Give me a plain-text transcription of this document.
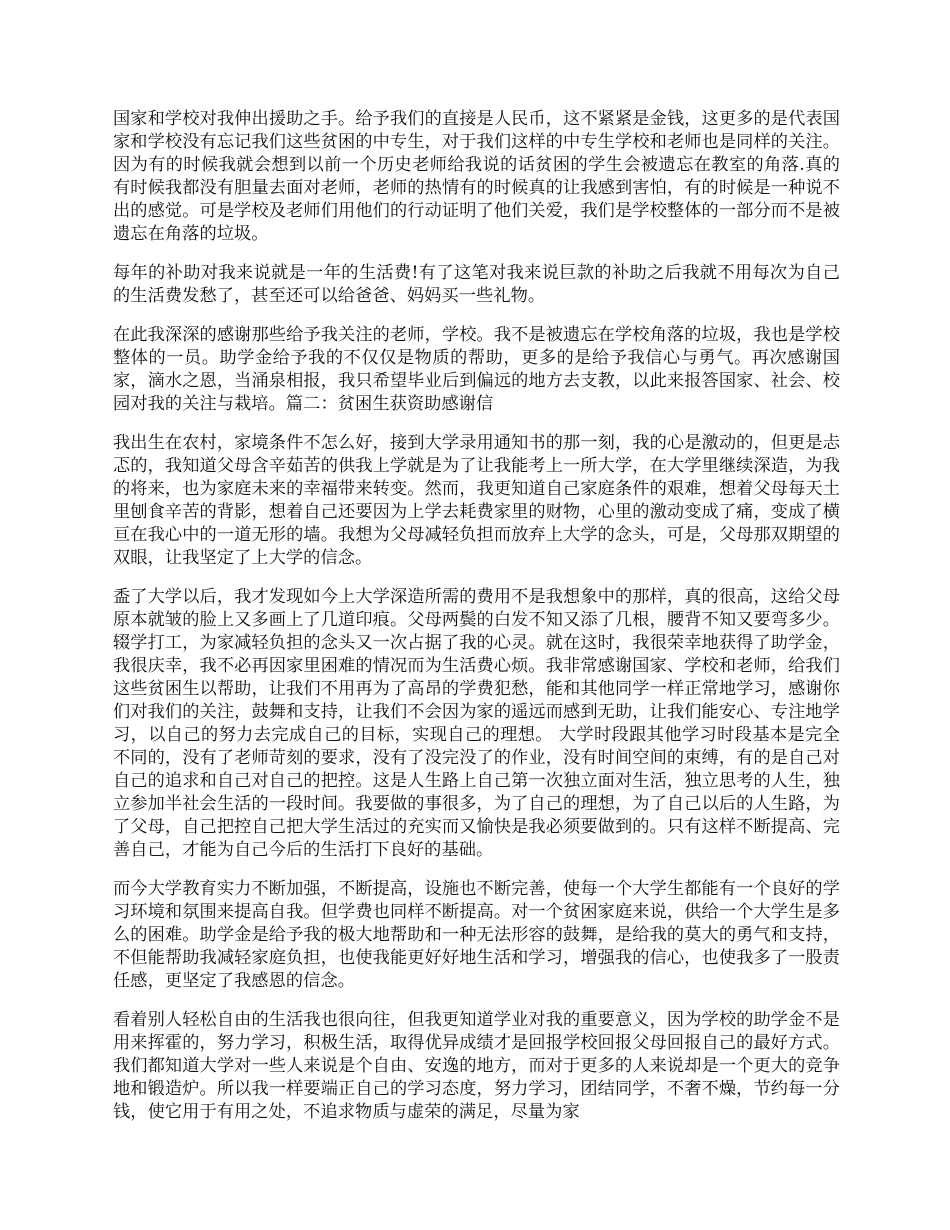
国家和学校对我伸出援助之手。给予我们的直接是人民币，这不紧紧是金钱，这更多的是代表国家和学校没有忘记我们这些贫困的中专生，对于我们这样的中专生学校和老师也是同样的关注。因为有的时候我就会想到以前一个历史老师给我说的话贫困的学生会被遗忘在教室的角落.真的有时候我都没有胆量去面对老师，老师的热情有的时候真的让我感到害怕，有的时候是一种说不出的感觉。可是学校及老师们用他们的行动证明了他们关爱，我们是学校整体的一部分而不是被遗忘在角落的垃圾。

每年的补助对我来说就是一年的生活费!有了这笔对我来说巨款的补助之后我就不用每次为自己的生活费发愁了，甚至还可以给爸爸、妈妈买一些礼物。

在此我深深的感谢那些给予我关注的老师，学校。我不是被遗忘在学校角落的垃圾，我也是学校整体的一员。助学金给予我的不仅仅是物质的帮助，更多的是给予我信心与勇气。再次感谢国家，滴水之恩，当涌泉相报，我只希望毕业后到偏远的地方去支教，以此来报答国家、社会、校园对我的关注与栽培。篇二：贫困生获资助感谢信

我出生在农村，家境条件不怎么好，接到大学录用通知书的那一刻，我的心是激动的，但更是忐忑的，我知道父母含辛茹苦的供我上学就是为了让我能考上一所大学，在大学里继续深造，为我的将来，也为家庭未来的幸福带来转变。然而，我更知道自己家庭条件的艰难，想着父母每天土里刨食辛苦的背影，想着自己还要因为上学去耗费家里的财物，心里的激动变成了痛，变成了横亘在我心中的一道无形的墙。我想为父母减轻负担而放弃上大学的念头，可是，父母那双期望的双眼，让我坚定了上大学的信念。

盉了大学以后，我才发现如今上大学深造所需的费用不是我想象中的那样，真的很高，这给父母原本就皱的脸上又多画上了几道印痕。父母两鬓的白发不知又添了几根，腰背不知又要弯多少。辍学打工，为家减轻负担的念头又一次占据了我的心灵。就在这时，我很荣幸地获得了助学金，我很庆幸，我不必再因家里困难的情况而为生活费心烦。我非常感谢国家、学校和老师，给我们这些贫困生以帮助，让我们不用再为了高昂的学费犯愁，能和其他同学一样正常地学习，感谢你们对我们的关注，鼓舞和支持，让我们不会因为家的遥远而感到无助，让我们能安心、专注地学习，以自己的努力去完成自己的目标，实现自己的理想。 大学时段跟其他学习时段基本是完全不同的，没有了老师苛刻的要求，没有了没完没了的作业，没有时间空间的束缚，有的是自己对自己的追求和自己对自己的把控。这是人生路上自己第一次独立面对生活，独立思考的人生，独立参加半社会生活的一段时间。我要做的事很多，为了自己的理想，为了自己以后的人生路，为了父母，自己把控自己把大学生活过的充实而又愉快是我必须要做到的。只有这样不断提高、完善自己，才能为自己今后的生活打下良好的基础。

而今大学教育实力不断加强，不断提高，设施也不断完善，使每一个大学生都能有一个良好的学习环境和氛围来提高自我。但学费也同样不断提高。对一个贫困家庭来说，供给一个大学生是多么的困难。助学金是给予我的极大地帮助和一种无法形容的鼓舞，是给我的莫大的勇气和支持，不但能帮助我减轻家庭负担，也使我能更好好地生活和学习，增强我的信心，也使我多了一股责任感，更坚定了我感恩的信念。

看着别人轻松自由的生活我也很向往，但我更知道学业对我的重要意义，因为学校的助学金不是用来挥霍的，努力学习，积极生活，取得优异成绩才是回报学校回报父母回报自己的最好方式。我们都知道大学对一些人来说是个自由、安逸的地方，而对于更多的人来说却是一个更大的竞争地和锻造炉。所以我一样要端正自己的学习态度，努力学习，团结同学，不奢不燥，节约每一分钱，使它用于有用之处，不追求物质与虚荣的满足，尽量为家
